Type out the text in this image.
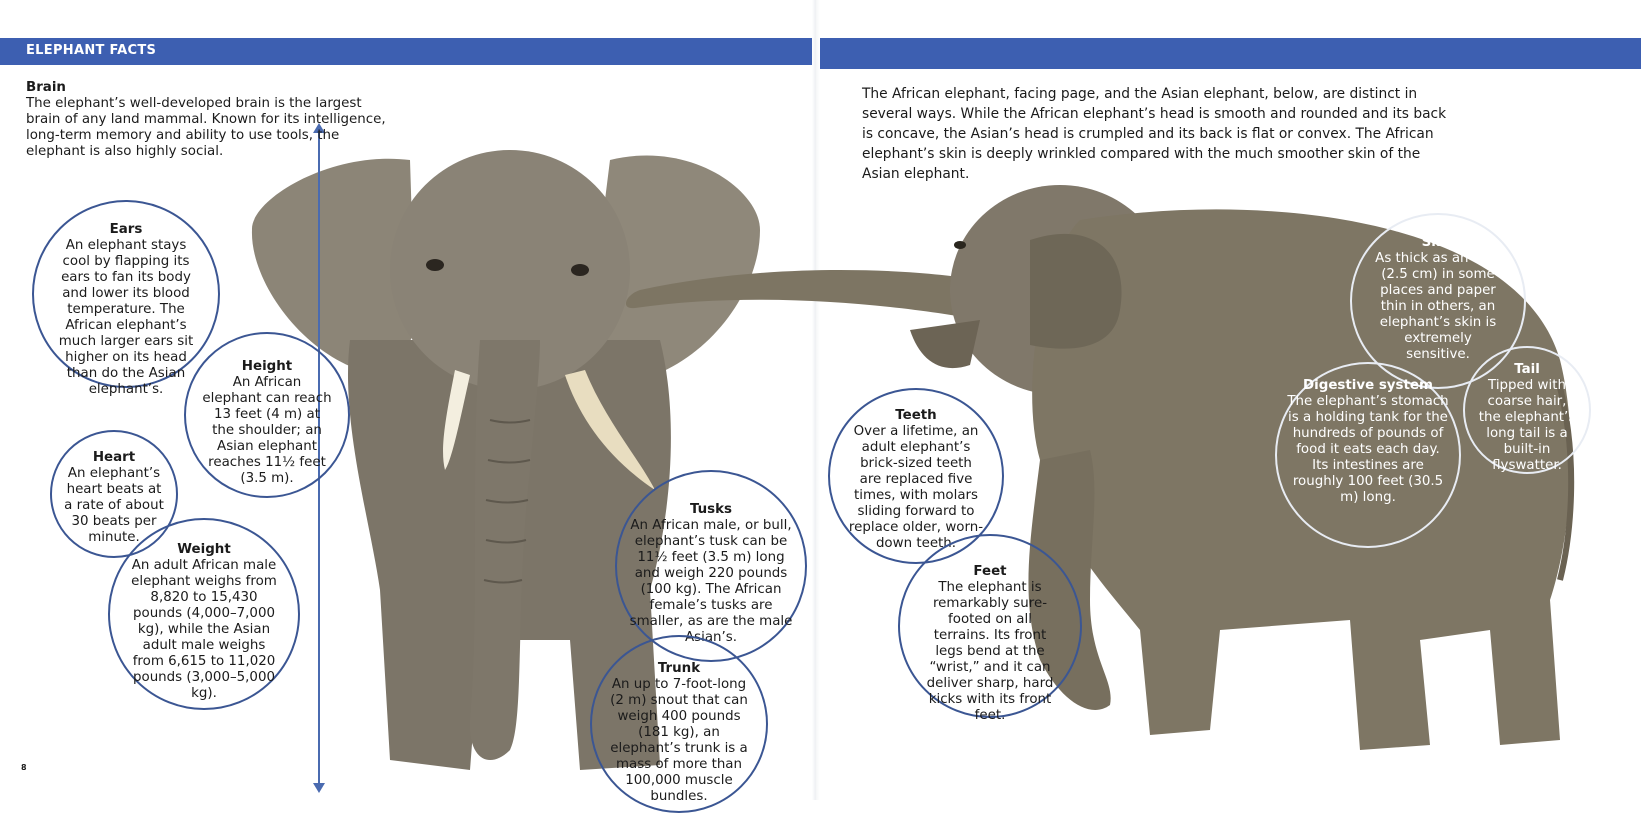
ELEPHANT FACTS
Brain
The elephant’s well-developed brain is the largest brain of any land mammal. Known for its intelligence, long-term memory and ability to use tools, the elephant is also highly social.
The African elephant, facing page, and the Asian elephant, below, are distinct in several ways. While the African elephant’s head is smooth and rounded and its back is concave, the Asian’s head is crumpled and its back is flat or convex. The African elephant’s skin is deeply wrinkled compared with the much smoother skin of the Asian elephant.
Ears
An elephant stays cool by flapping its ears to fan its body and lower its blood temperature. The African elephant’s much larger ears sit higher on its head than do the Asian elephant’s.
Height
An African elephant can reach 13 feet (4 m) at the shoulder; an Asian elephant reaches 11½ feet (3.5 m).
Heart
An elephant’s heart beats at a rate of about 30 beats per minute.
Weight
An adult African male elephant weighs from 8,820 to 15,430 pounds (4,000–7,000 kg), while the Asian adult male weighs from 6,615 to 11,020 pounds (3,000–5,000 kg).
Tusks
An African male, or bull, elephant’s tusk can be 11½ feet (3.5 m) long and weigh 220 pounds (100 kg). The African female’s tusks are smaller, as are the male Asian’s.
Trunk
An up to 7-foot-long (2 m) snout that can weigh 400 pounds (181 kg), an elephant’s trunk is a mass of more than 100,000 muscle bundles.
Teeth
Over a lifetime, an adult elephant’s brick-sized teeth are replaced five times, with molars sliding forward to replace older, worn-down teeth.
Feet
The elephant is remarkably sure-footed on all terrains. Its front legs bend at the “wrist,” and it can deliver sharp, hard kicks with its front feet.
Skin
As thick as an inch (2.5 cm) in some places and paper thin in others, an elephant’s skin is extremely sensitive.
Digestive system
The elephant’s stomach is a holding tank for the hundreds of pounds of food it eats each day. Its intestines are roughly 100 feet (30.5 m) long.
Tail
Tipped with coarse hair, the elephant’s long tail is a built-in flyswatter.
8
